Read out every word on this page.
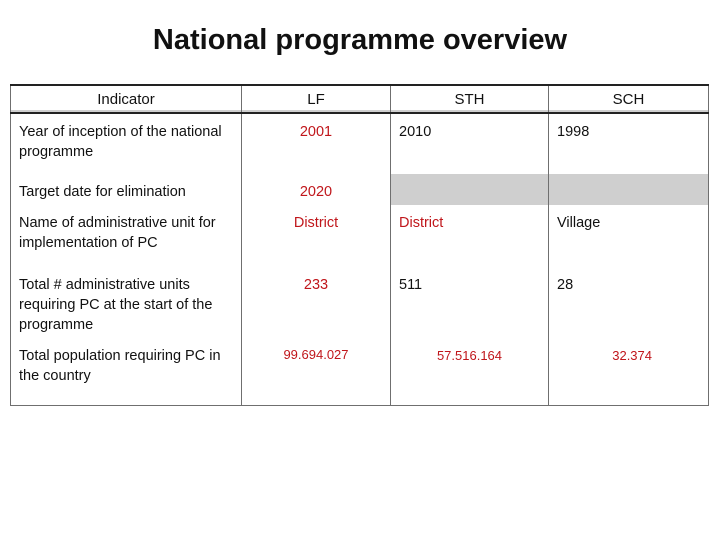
National programme overview
Indicator	LF	STH	SCH
Year of inception of the national programme	2001	2010	1998
Target date for elimination	2020		
Name of administrative unit for implementation of PC	District	District	Village
Total # administrative units requiring PC at the start of the programme	233	511	28
Total population requiring PC in the country	99.694.027	57.516.164	32.374
